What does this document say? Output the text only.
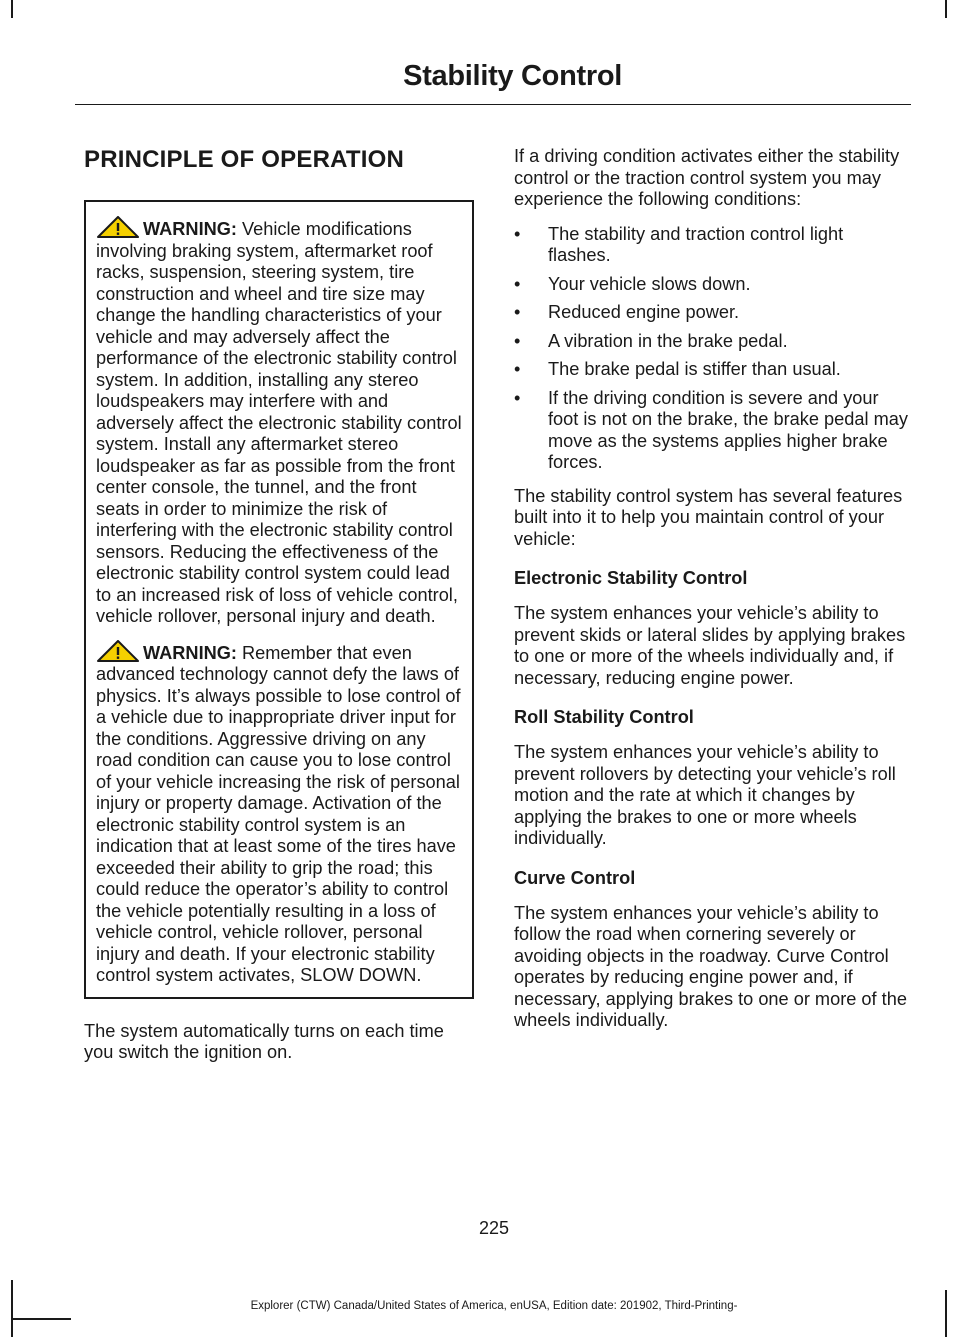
Stability Control
PRINCIPLE OF OPERATION

WARNING: Vehicle modifications involving braking system, aftermarket roof racks, suspension, steering system, tire construction and wheel and tire size may change the handling characteristics of your vehicle and may adversely affect the performance of the electronic stability control system. In addition, installing any stereo loudspeakers may interfere with and adversely affect the electronic stability control system. Install any aftermarket stereo loudspeaker as far as possible from the front center console, the tunnel, and the front seats in order to minimize the risk of interfering with the electronic stability control sensors. Reducing the effectiveness of the electronic stability control system could lead to an increased risk of loss of vehicle control, vehicle rollover, personal injury and death.

WARNING: Remember that even advanced technology cannot defy the laws of physics. It’s always possible to lose control of a vehicle due to inappropriate driver input for the conditions. Aggressive driving on any road condition can cause you to lose control of your vehicle increasing the risk of personal injury or property damage. Activation of the electronic stability control system is an indication that at least some of the tires have exceeded their ability to grip the road; this could reduce the operator’s ability to control the vehicle potentially resulting in a loss of vehicle control, vehicle rollover, personal injury and death. If your electronic stability control system activates, SLOW DOWN.

The system automatically turns on each time you switch the ignition on.

If a driving condition activates either the stability control or the traction control system you may experience the following conditions:

• The stability and traction control light flashes.
• Your vehicle slows down.
• Reduced engine power.
• A vibration in the brake pedal.
• The brake pedal is stiffer than usual.
• If the driving condition is severe and your foot is not on the brake, the brake pedal may move as the systems applies higher brake forces.

The stability control system has several features built into it to help you maintain control of your vehicle:

Electronic Stability Control

The system enhances your vehicle’s ability to prevent skids or lateral slides by applying brakes to one or more of the wheels individually and, if necessary, reducing engine power.

Roll Stability Control

The system enhances your vehicle’s ability to prevent rollovers by detecting your vehicle’s roll motion and the rate at which it changes by applying the brakes to one or more wheels individually.

Curve Control

The system enhances your vehicle’s ability to follow the road when cornering severely or avoiding objects in the roadway. Curve Control operates by reducing engine power and, if necessary, applying brakes to one or more of the wheels individually.

225
Explorer (CTW) Canada/United States of America, enUSA, Edition date: 201902, Third-Printing-
